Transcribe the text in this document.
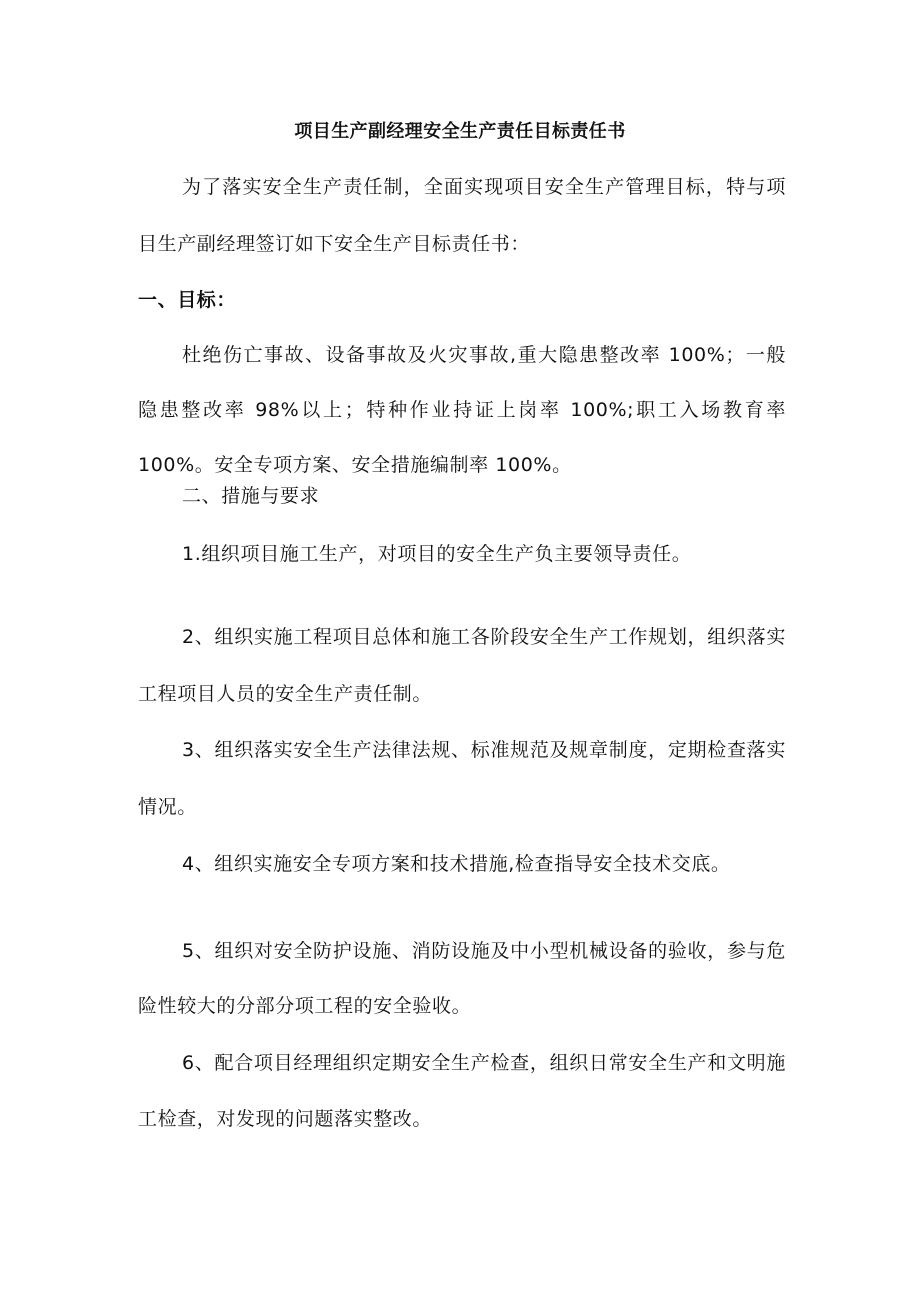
项目生产副经理安全生产责任目标责任书
为了落实安全生产责任制，全面实现项目安全生产管理目标，特与项
目生产副经理签订如下安全生产目标责任书：
一、目标：
杜绝伤亡事故、设备事故及火灾事故,重大隐患整改率 100%；一般
隐患整改率 98%以上；特种作业持证上岗率 100%;职工入场教育率
100%。安全专项方案、安全措施编制率 100%。
二、措施与要求
1.组织项目施工生产，对项目的安全生产负主要领导责任。
2、组织实施工程项目总体和施工各阶段安全生产工作规划，组织落实
工程项目人员的安全生产责任制。
3、组织落实安全生产法律法规、标准规范及规章制度，定期检查落实
情况。
4、组织实施安全专项方案和技术措施,检查指导安全技术交底。
5、组织对安全防护设施、消防设施及中小型机械设备的验收，参与危
险性较大的分部分项工程的安全验收。
6、配合项目经理组织定期安全生产检查，组织日常安全生产和文明施
工检查，对发现的问题落实整改。
